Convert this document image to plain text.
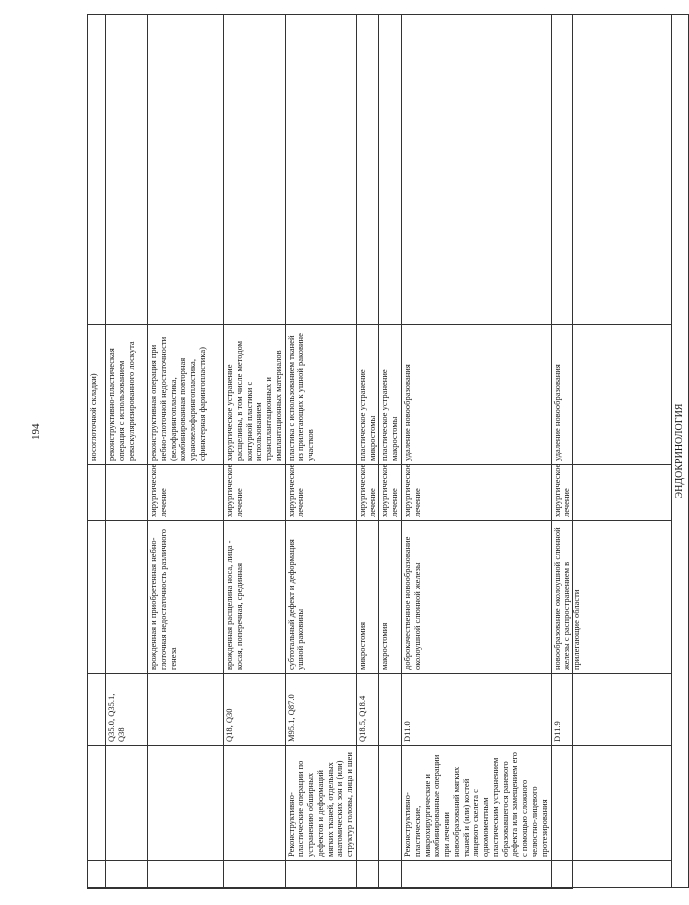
194
						носоглоточной складки)	
		Q35.0, Q35.1, Q38			реконструктивно-пластическая операция с использованием реваскуляризированного лоскута	
			врожденная и приобретенная небно-глоточная недостаточность различного генеза	хирургическое лечение	реконструктивная операция при небно-глоточной недостаточности (велофарингопластика, комбинированная повторная урановелофарингопластика, сфинктерная фарингопластика)	
		Q18, Q30	врожденная расщелина носа, лица - косая, поперечная, срединная	хирургическое лечение	хирургическое устранение расщелины, в том числе методом контурной пластики с использованием трансплантационных и имплантационных материалов	
	Реконструктивно-пластические операции по устранению обширных дефектов и деформаций мягких тканей, отдельных анатомических зон и (или) структур головы, лица и шеи	M95.1, Q87.0	субтотальный дефект и деформация ушной раковины	хирургическое лечение	пластика с использованием тканей из прилегающих к ушной раковине участков	
		Q18.5, Q18.4	микростомия	хирургическое лечение	пластическое устранение микростомы	
			макростомия	хирургическое лечение	пластическое устранение макростомы	
	Реконструктивно-пластические, микрохирургические и комбинированные операции при лечении новообразований мягких тканей и (или) костей лицевого скелета с одномоментным пластическим устранением образовавшегося раневого дефекта или замещением его с помощью сложного челюстно-лицевого протезирования	D11.0	доброкачественное новообразование околоушной слюнной железы	хирургическое лечение	удаление новообразования	
		D11.9	новообразование околоушной слюнной железы с распространением в прилегающие области	хирургическое лечение	удаление новообразования	
ЭНДОКРИНОЛОГИЯ						
